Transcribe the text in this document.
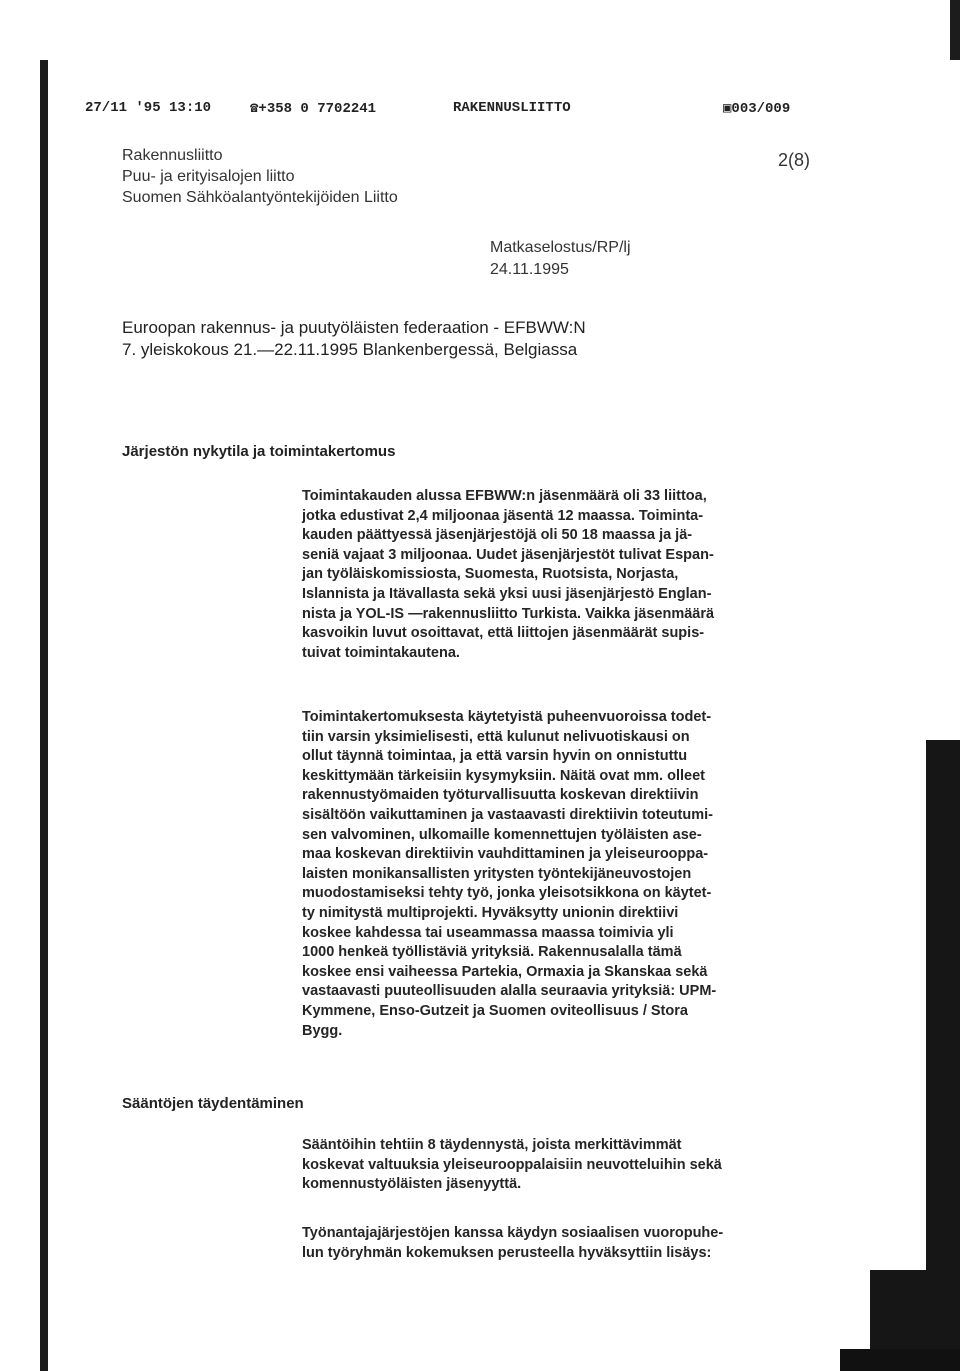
27/11 '95 13:10	☎+358 0 7702241	RAKENNUSLIITTO	▣003/009
Rakennusliitto
Puu- ja erityisalojen liitto
Suomen Sähköalantyöntekijöiden Liitto
2(8)
Matkaselostus/RP/lj
24.11.1995
Euroopan rakennus- ja puutyöläisten federaation - EFBWW:N
7. yleiskokous 21.—22.11.1995 Blankenbergessä, Belgiassa
Järjestön nykytila ja toimintakertomus
Toimintakauden alussa EFBWW:n jäsenmäärä oli 33 liittoa,
jotka edustivat 2,4 miljoonaa jäsentä 12 maassa. Toiminta-
kauden päättyessä jäsenjärjestöjä oli 50 18 maassa ja jä-
seniä vajaat 3 miljoonaa. Uudet jäsenjärjestöt tulivat Espan-
jan työläiskomissiosta, Suomesta, Ruotsista, Norjasta,
Islannista ja Itävallasta sekä yksi uusi jäsenjärjestö Englan-
nista ja YOL-IS —rakennusliitto Turkista. Vaikka jäsenmäärä
kasvoikin luvut osoittavat, että liittojen jäsenmäärät supis-
tuivat toimintakautena.
Toimintakertomuksesta käytetyistä puheenvuoroissa todet-
tiin varsin yksimielisesti, että kulunut nelivuotiskausi on
ollut täynnä toimintaa, ja että varsin hyvin on onnistuttu
keskittymään tärkeisiin kysymyksiin. Näitä ovat mm. olleet
rakennustyömaiden työturvallisuutta koskevan direktiivin
sisältöön vaikuttaminen ja vastaavasti direktiivin toteutumi-
sen valvominen, ulkomaille komennettujen työläisten ase-
maa koskevan direktiivin vauhdittaminen ja yleiseurooppa-
laisten monikansallisten yritysten työntekijäneuvostojen
muodostamiseksi tehty työ, jonka yleisotsikkona on käytet-
ty nimitystä multiprojekti. Hyväksytty unionin direktiivi
koskee kahdessa tai useammassa maassa toimivia yli
1000 henkeä työllistäviä yrityksiä. Rakennusalalla tämä
koskee ensi vaiheessa Partekia, Ormaxia ja Skanskaa sekä
vastaavasti puuteollisuuden alalla seuraavia yrityksiä: UPM-
Kymmene, Enso-Gutzeit ja Suomen oviteollisuus / Stora
Bygg.
Sääntöjen täydentäminen
Sääntöihin tehtiin 8 täydennystä, joista merkittävimmät
koskevat valtuuksia yleiseurooppalaisiin neuvotteluihin sekä
komennustyöläisten jäsenyyttä.
Työnantajajärjestöjen kanssa käydyn sosiaalisen vuoropuhe-
lun työryhmän kokemuksen perusteella hyväksyttiin lisäys:
